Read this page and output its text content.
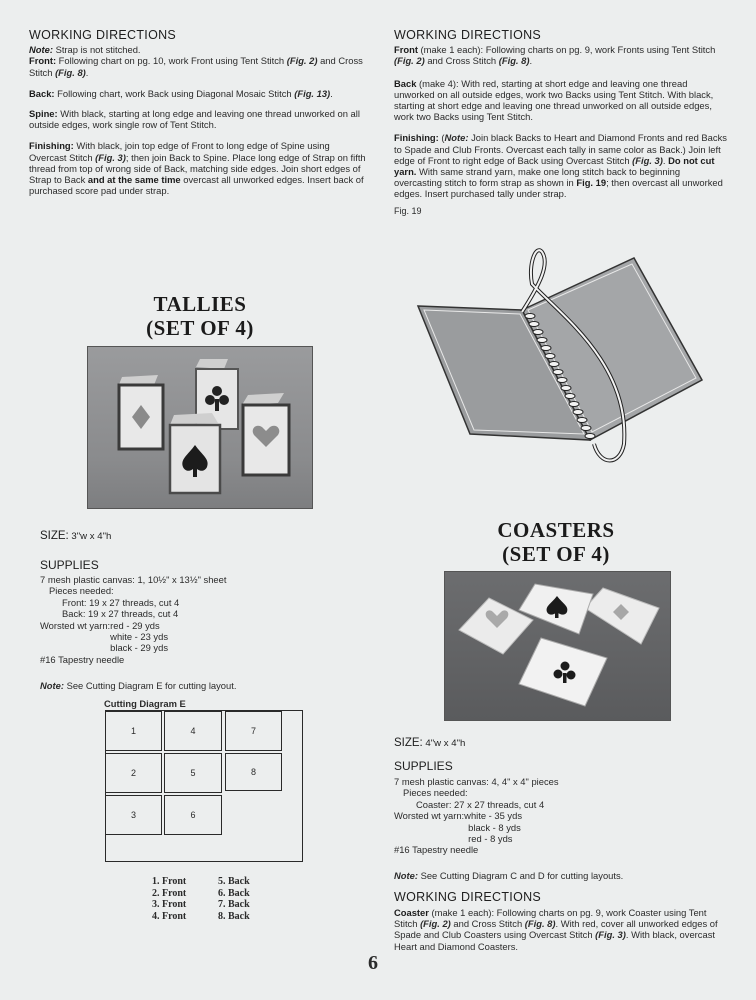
WORKING DIRECTIONS

Note: Strap is not stitched.

Front: Following chart on pg. 10, work Front using Tent Stitch (Fig. 2) and Cross Stitch (Fig. 8).

Back: Following chart, work Back using Diagonal Mosaic Stitch (Fig. 13).

Spine: With black, starting at long edge and leaving one thread unworked on all outside edges, work single row of Tent Stitch.

Finishing: With black, join top edge of Front to long edge of Spine using Overcast Stitch (Fig. 3); then join Back to Spine. Place long edge of Strap on fifth thread from top of wrong side of Back, matching side edges. Join short edges of Strap to Back and at the same time overcast all unworked edges. Insert back of purchased score pad under strap.

TALLIES
(SET OF 4)
SIZE: 3"w x 4"h
SUPPLIES
7 mesh plastic canvas: 1, 10½" x 13½" sheet
Pieces needed:
Front: 19 x 27 threads, cut 4
Back: 19 x 27 threads, cut 4
Worsted wt yarn: red - 29 yds
white - 23 yds
black - 29 yds
#16 Tapestry needle
Note: See Cutting Diagram E for cutting layout.
Cutting Diagram E
1	4	7
2	5	8
3	6
1. Front
2. Front
3. Front
4. Front
5. Back
6. Back
7. Back
8. Back
WORKING DIRECTIONS

Front (make 1 each): Following charts on pg. 9, work Fronts using Tent Stitch (Fig. 2) and Cross Stitch (Fig. 8).

Back (make 4): With red, starting at short edge and leaving one thread unworked on all outside edges, work two Backs using Tent Stitch. With black, starting at short edge and leaving one thread unworked on all outside edges, work two Backs using Tent Stitch.

Finishing: (Note: Join black Backs to Heart and Diamond Fronts and red Backs to Spade and Club Fronts. Overcast each tally in same color as Back.) Join left edge of Front to right edge of Back using Overcast Stitch (Fig. 3). Do not cut yarn. With same strand yarn, make one long stitch back to beginning overcasting stitch to form strap as shown in Fig. 19; then overcast all unworked edges. Insert purchased tally under strap.

Fig. 19
COASTERS
(SET OF 4)
SIZE: 4"w x 4"h
SUPPLIES
7 mesh plastic canvas: 4, 4" x 4" pieces
Pieces needed:
Coaster: 27 x 27 threads, cut 4
Worsted wt yarn: white - 35 yds
black - 8 yds
red - 8 yds
#16 Tapestry needle
Note: See Cutting Diagram C and D for cutting layouts.
WORKING DIRECTIONS
Coaster (make 1 each): Following charts on pg. 9, work Coaster using Tent Stitch (Fig. 2) and Cross Stitch (Fig. 8). With red, cover all unworked edges of Spade and Club Coasters using Overcast Stitch (Fig. 3). With black, overcast Heart and Diamond Coasters.
6
